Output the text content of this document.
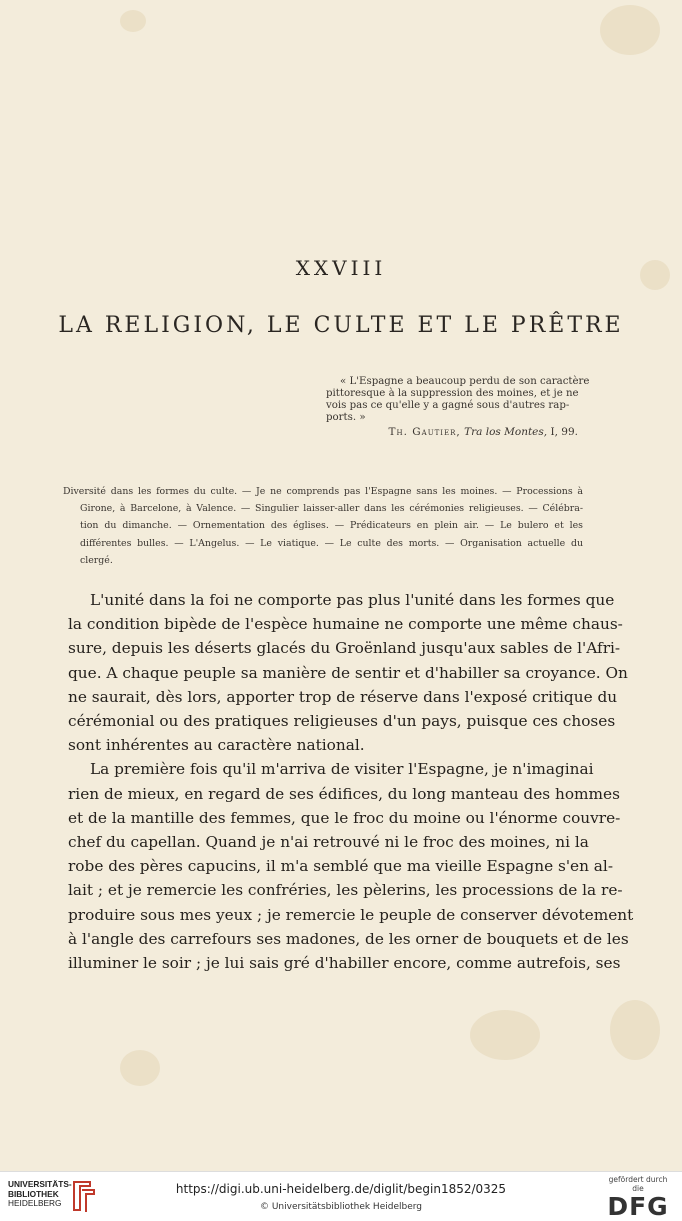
XXVIII
LA RELIGION, LE CULTE ET LE PRÊTRE
« L'Espagne a beaucoup perdu de son caractère
pittoresque à la suppression des moines, et je ne
vois pas ce qu'elle y a gagné sous d'autres rap-
ports. »
Th. Gautier, Tra los Montes, I, 99.
Diversité dans les formes du culte. — Je ne comprends pas l'Espagne sans les moines. — Processions à
Girone, à Barcelone, à Valence. — Singulier laisser-aller dans les cérémonies religieuses. — Célébra-
tion du dimanche. — Ornementation des églises. — Prédicateurs en plein air. — Le bulero et les
différentes bulles. — L'Angelus. — Le viatique. — Le culte des morts. — Organisation actuelle du
clergé.
L'unité dans la foi ne comporte pas plus l'unité dans les formes que
la condition bipède de l'espèce humaine ne comporte une même chaus-
sure, depuis les déserts glacés du Groënland jusqu'aux sables de l'Afri-
que. A chaque peuple sa manière de sentir et d'habiller sa croyance. On
ne saurait, dès lors, apporter trop de réserve dans l'exposé critique du
cérémonial ou des pratiques religieuses d'un pays, puisque ces choses
sont inhérentes au caractère national.
La première fois qu'il m'arriva de visiter l'Espagne, je n'imaginai
rien de mieux, en regard de ses édifices, du long manteau des hommes
et de la mantille des femmes, que le froc du moine ou l'énorme couvre-
chef du capellan. Quand je n'ai retrouvé ni le froc des moines, ni la
robe des pères capucins, il m'a semblé que ma vieille Espagne s'en al-
lait ; et je remercie les confréries, les pèlerins, les processions de la re-
produire sous mes yeux ; je remercie le peuple de conserver dévotement
à l'angle des carrefours ses madones, de les orner de bouquets et de les
illuminer le soir ; je lui sais gré d'habiller encore, comme autrefois, ses
UNIVERSITÄTS-
BIBLIOTHEK
HEIDELBERG
https://digi.ub.uni-heidelberg.de/diglit/begin1852/0325
© Universitätsbibliothek Heidelberg
gefördert durch die
DFG
